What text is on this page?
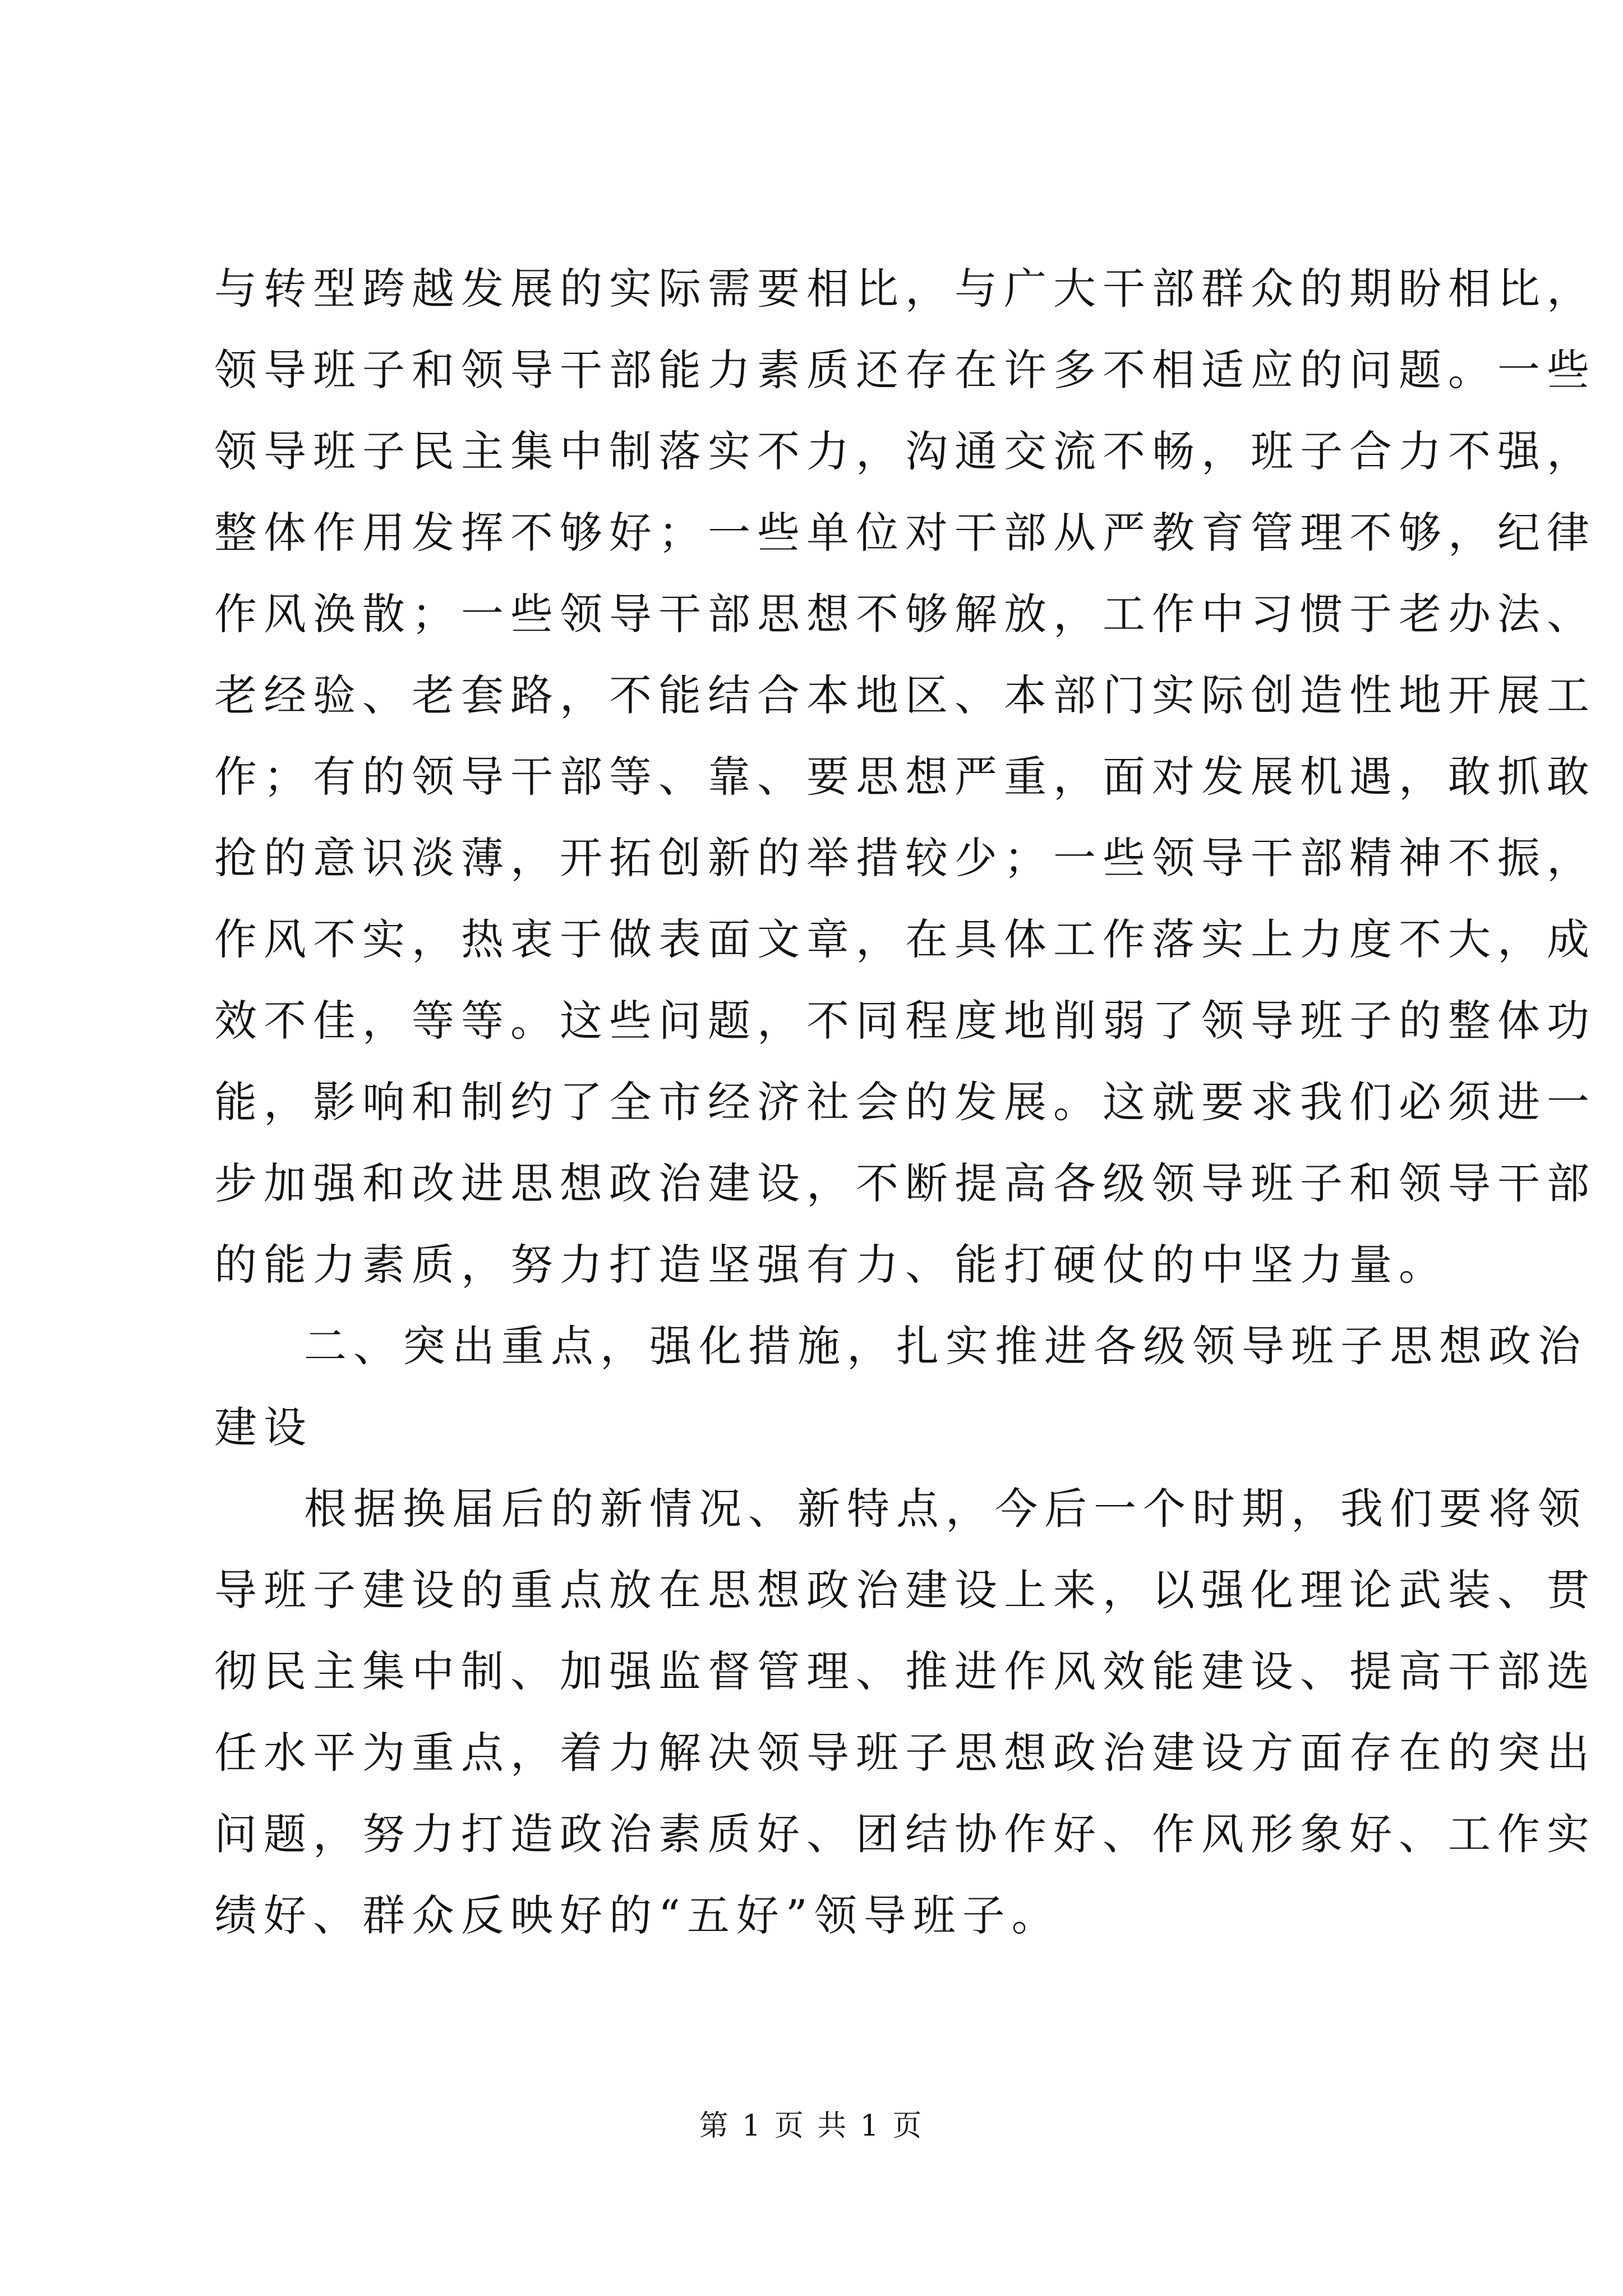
与转型跨越发展的实际需要相比，与广大干部群众的期盼相比，
领导班子和领导干部能力素质还存在许多不相适应的问题。一些
领导班子民主集中制落实不力，沟通交流不畅，班子合力不强，
整体作用发挥不够好；一些单位对干部从严教育管理不够，纪律
作风涣散；一些领导干部思想不够解放，工作中习惯于老办法、
老经验、老套路，不能结合本地区、本部门实际创造性地开展工
作；有的领导干部等、靠、要思想严重，面对发展机遇，敢抓敢
抢的意识淡薄，开拓创新的举措较少；一些领导干部精神不振，
作风不实，热衷于做表面文章，在具体工作落实上力度不大，成
效不佳，等等。这些问题，不同程度地削弱了领导班子的整体功
能，影响和制约了全市经济社会的发展。这就要求我们必须进一
步加强和改进思想政治建设，不断提高各级领导班子和领导干部
的能力素质，努力打造坚强有力、能打硬仗的中坚力量。
二、突出重点，强化措施，扎实推进各级领导班子思想政治
建设
根据换届后的新情况、新特点，今后一个时期，我们要将领
导班子建设的重点放在思想政治建设上来，以强化理论武装、贯
彻民主集中制、加强监督管理、推进作风效能建设、提高干部选
任水平为重点，着力解决领导班子思想政治建设方面存在的突出
问题，努力打造政治素质好、团结协作好、作风形象好、工作实
绩好、群众反映好的“五好”领导班子。
第 1 页 共 1 页
